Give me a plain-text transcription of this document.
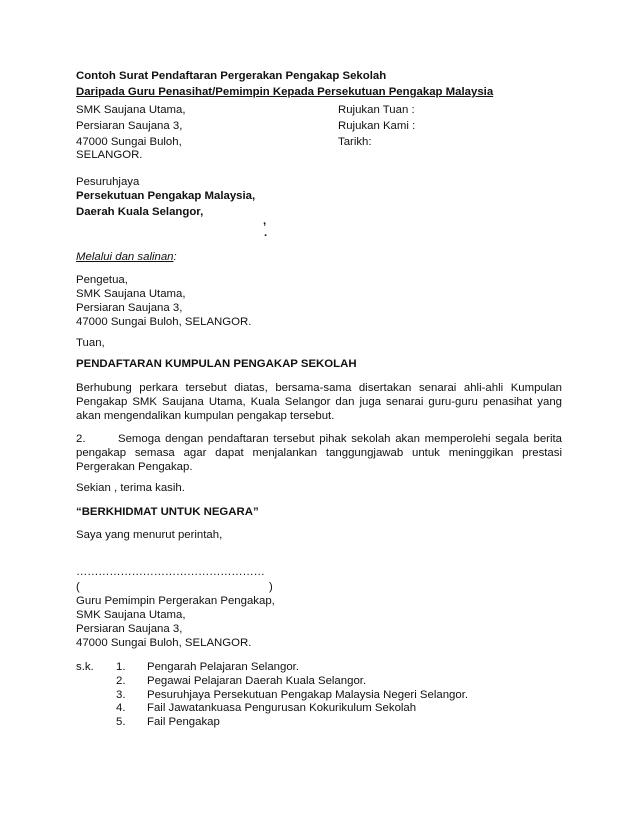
Contoh Surat Pendaftaran Pergerakan Pengakap Sekolah
Daripada Guru Penasihat/Pemimpin Kepada Persekutuan Pengakap Malaysia
SMK Saujana Utama,
Persiaran Saujana 3,
47000 Sungai Buloh,
SELANGOR.
Rujukan Tuan :
Rujukan Kami :
Tarikh:
Pesuruhjaya
Persekutuan Pengakap Malaysia,
Daerah Kuala Selangor,
,
.
Melalui dan salinan:
Pengetua,
SMK Saujana Utama,
Persiaran Saujana 3,
47000 Sungai Buloh, SELANGOR.
Tuan,
PENDAFTARAN KUMPULAN PENGAKAP SEKOLAH
Berhubung perkara tersebut diatas, bersama-sama disertakan senarai ahli-ahli Kumpulan
Pengakap SMK Saujana Utama, Kuala Selangor dan juga senarai guru-guru penasihat yang
akan mengendalikan kumpulan pengakap tersebut.
2.	Semoga dengan pendaftaran tersebut pihak sekolah akan memperolehi segala berita
pengakap semasa agar dapat menjalankan tanggungjawab untuk meninggikan prestasi
Pergerakan Pengakap.
Sekian , terima kasih.
“BERKHIDMAT UNTUK NEGARA”
Saya yang menurut perintah,
……………………………………………
(	)
Guru Pemimpin Pergerakan Pengakap,
SMK Saujana Utama,
Persiaran Saujana 3,
47000 Sungai Buloh, SELANGOR.
s.k. 1. Pengarah Pelajaran Selangor.
2. Pegawai Pelajaran Daerah Kuala Selangor.
3. Pesuruhjaya Persekutuan Pengakap Malaysia Negeri Selangor.
4. Fail Jawatankuasa Pengurusan Kokurikulum Sekolah
5. Fail Pengakap
